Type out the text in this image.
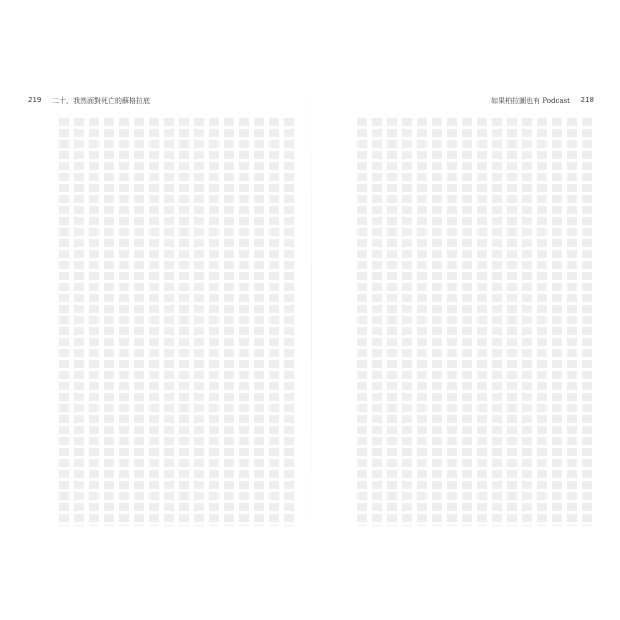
219 二十、我然面對死亡的蘇格拉底	如果柏拉圖也有 Podcast 218
